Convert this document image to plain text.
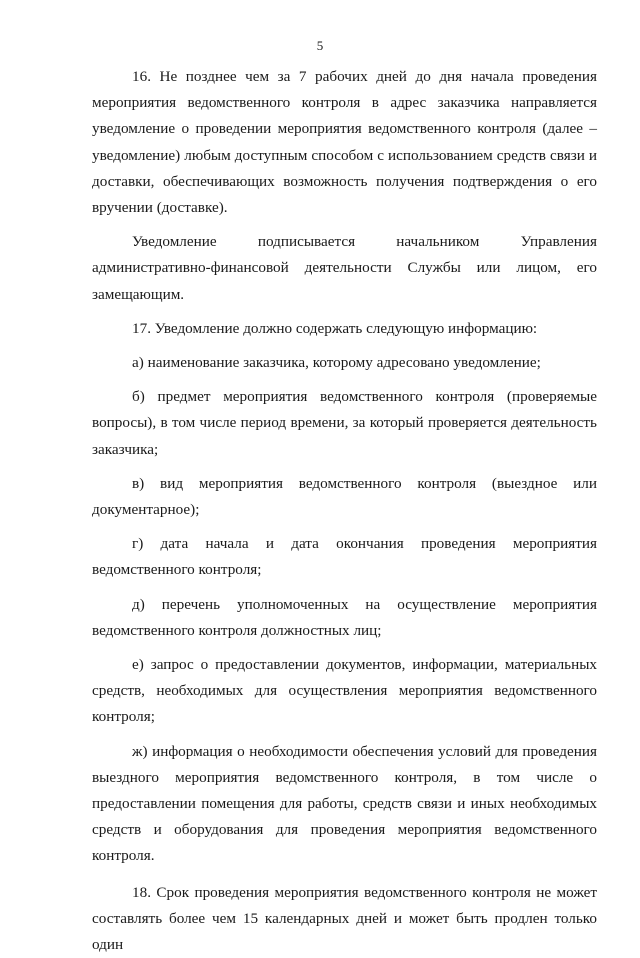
5

16. Не позднее чем за 7 рабочих дней до дня начала проведения мероприятия ведомственного контроля в адрес заказчика направляется уведомление о проведении мероприятия ведомственного контроля (далее – уведомление) любым доступным способом с использованием средств связи и доставки, обеспечивающих возможность получения подтверждения о его вручении (доставке).

Уведомление подписывается начальником Управления административно-финансовой деятельности Службы или лицом, его замещающим.

17. Уведомление должно содержать следующую информацию:

а) наименование заказчика, которому адресовано уведомление;

б) предмет мероприятия ведомственного контроля (проверяемые вопросы), в том числе период времени, за который проверяется деятельность заказчика;

в) вид мероприятия ведомственного контроля (выездное или документарное);

г) дата начала и дата окончания проведения мероприятия ведомственного контроля;

д) перечень уполномоченных на осуществление мероприятия ведомственного контроля должностных лиц;

е) запрос о предоставлении документов, информации, материальных средств, необходимых для осуществления мероприятия ведомственного контроля;

ж) информация о необходимости обеспечения условий для проведения выездного мероприятия ведомственного контроля, в том числе о предоставлении помещения для работы, средств связи и иных необходимых средств и оборудования для проведения мероприятия ведомственного контроля.

18. Срок проведения мероприятия ведомственного контроля не может составлять более чем 15 календарных дней и может быть продлен только один
